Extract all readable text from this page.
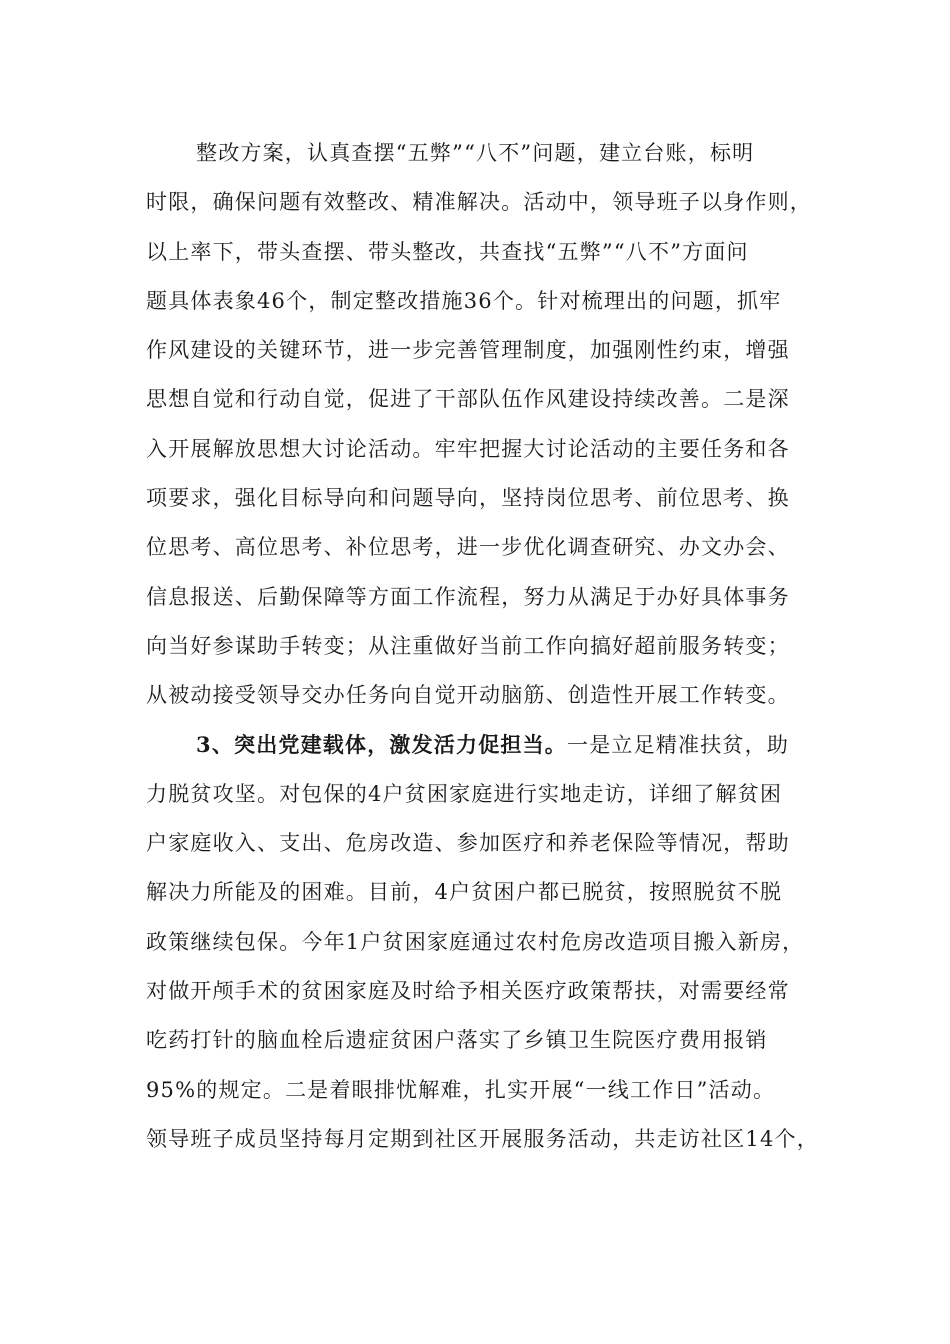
整改方案，认真查摆“五弊”“八不”问题，建立台账，标明
时限，确保问题有效整改、精准解决。活动中，领导班子以身作则，
以上率下，带头查摆、带头整改，共查找“五弊”“八不”方面问
题具体表象46个，制定整改措施36个。针对梳理出的问题，抓牢
作风建设的关键环节，进一步完善管理制度，加强刚性约束，增强
思想自觉和行动自觉，促进了干部队伍作风建设持续改善。二是深
入开展解放思想大讨论活动。牢牢把握大讨论活动的主要任务和各
项要求，强化目标导向和问题导向，坚持岗位思考、前位思考、换
位思考、高位思考、补位思考，进一步优化调查研究、办文办会、
信息报送、后勤保障等方面工作流程，努力从满足于办好具体事务
向当好参谋助手转变；从注重做好当前工作向搞好超前服务转变；
从被动接受领导交办任务向自觉开动脑筋、创造性开展工作转变。
3、突出党建载体，激发活力促担当。一是立足精准扶贫，助
力脱贫攻坚。对包保的4户贫困家庭进行实地走访，详细了解贫困
户家庭收入、支出、危房改造、参加医疗和养老保险等情况，帮助
解决力所能及的困难。目前，4户贫困户都已脱贫，按照脱贫不脱
政策继续包保。今年1户贫困家庭通过农村危房改造项目搬入新房，
对做开颅手术的贫困家庭及时给予相关医疗政策帮扶，对需要经常
吃药打针的脑血栓后遗症贫困户落实了乡镇卫生院医疗费用报销
95%的规定。二是着眼排忧解难，扎实开展“一线工作日”活动。
领导班子成员坚持每月定期到社区开展服务活动，共走访社区14个，
